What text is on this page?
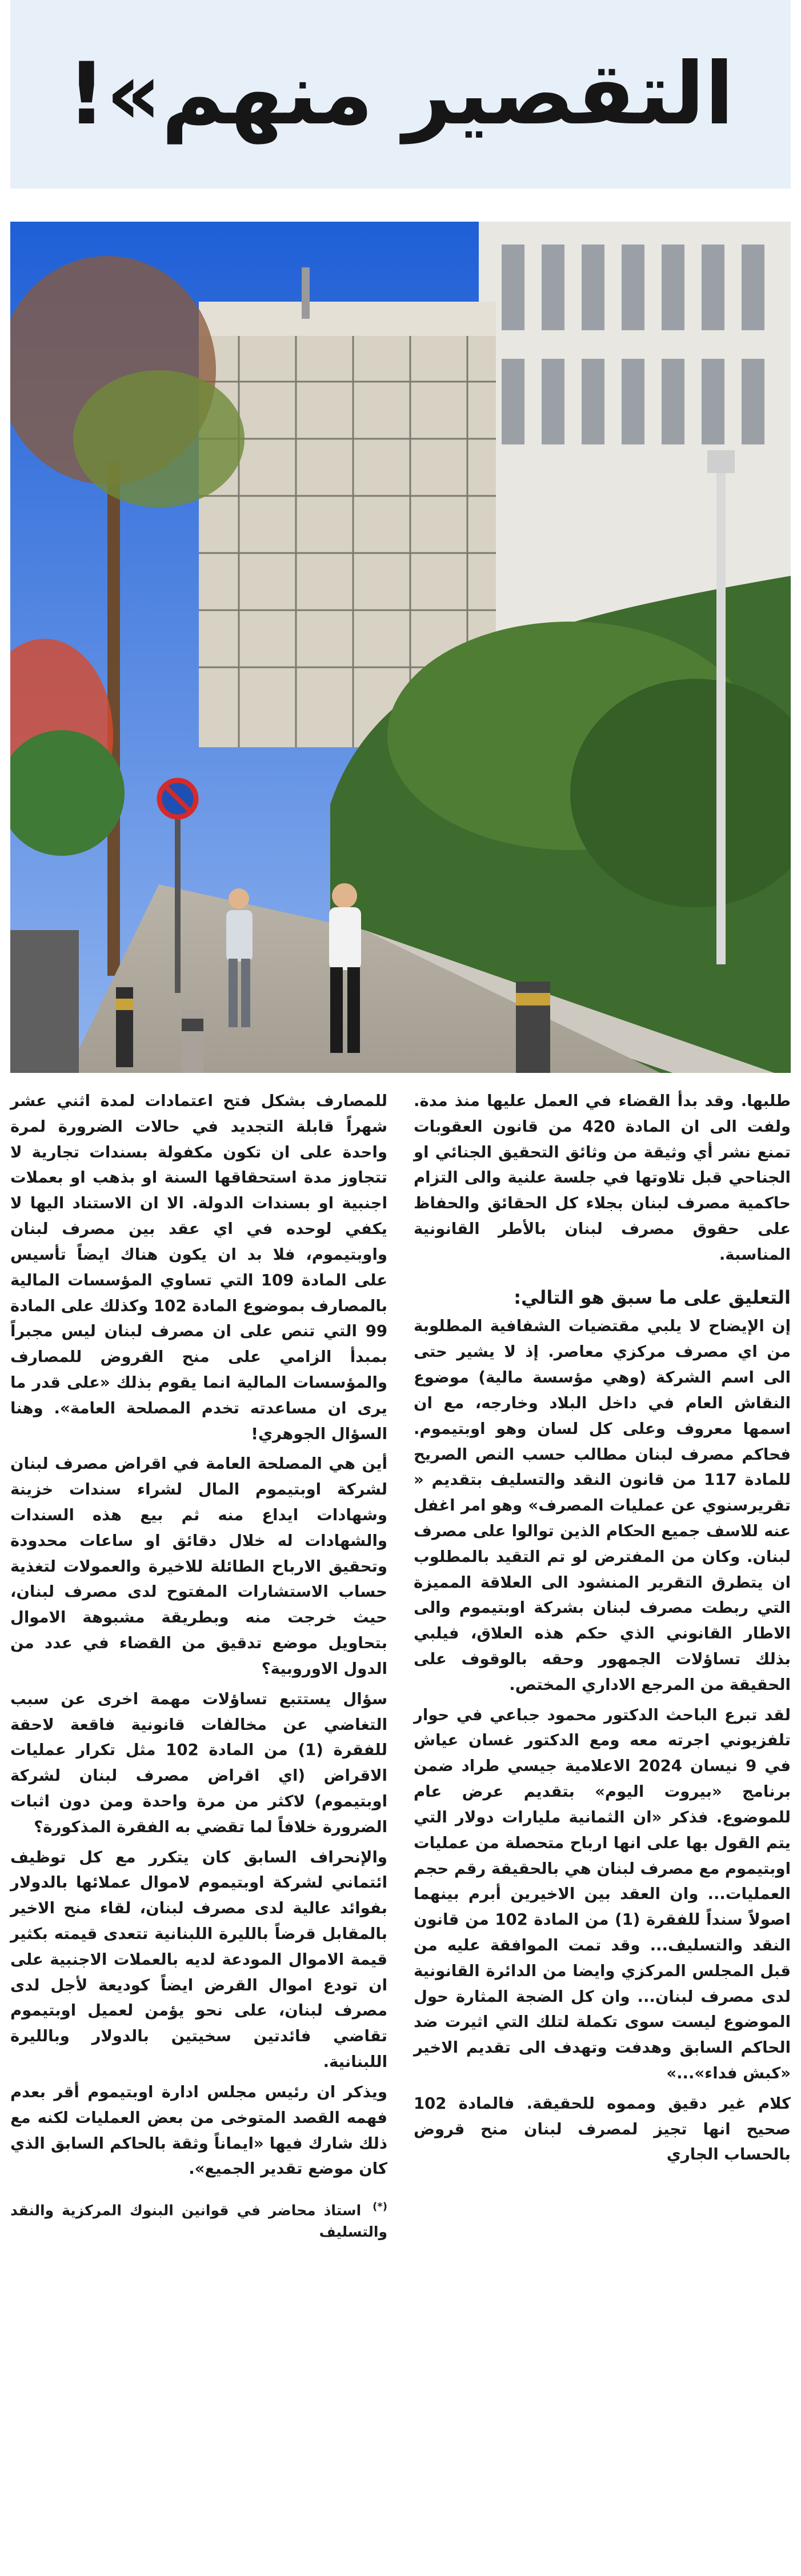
التقصير منهم»!

طلبها. وقد بدأ القضاء في العمل عليها منذ مدة. ولفت الى ان المادة 420 من قانون العقوبات تمنع نشر أي وثيقة من وثائق التحقيق الجنائي او الجناحي قبل تلاوتها في جلسة علنية والى التزام حاكمية مصرف لبنان بجلاء كل الحقائق والحفاظ على حقوق مصرف لبنان بالأطر القانونية المناسبة.

التعليق على ما سبق هو التالي:

إن الإيضاح لا يلبي مقتضيات الشفافية المطلوبة من اي مصرف مركزي معاصر. إذ لا يشير حتى الى اسم الشركة (وهي مؤسسة مالية) موضوع النقاش العام في داخل البلاد وخارجه، مع ان اسمها معروف وعلى كل لسان وهو اوبتيموم. فحاكم مصرف لبنان مطالب حسب النص الصريح للمادة 117 من قانون النقد والتسليف بتقديم « تقريرسنوي عن عمليات المصرف» وهو امر اغفل عنه للاسف جميع الحكام الذين توالوا على مصرف لبنان. وكان من المفترض لو تم التقيد بالمطلوب ان يتطرق التقرير المنشود الى العلاقة المميزة التي ربطت مصرف لبنان بشركة اوبتيموم والى الاطار القانوني الذي حكم هذه العلاق، فيلبي بذلك تساؤلات الجمهور وحقه بالوقوف على الحقيقة من المرجع الاداري المختص.

لقد تبرع الباحث الدكتور محمود جباعي في حوار تلفزيوني اجرته معه ومع الدكتور غسان عياش في 9 نيسان 2024 الاعلامية جيسي طراد ضمن برنامج «بيروت اليوم» بتقديم عرض عام للموضوع. فذكر «ان الثمانية مليارات دولار التي يتم القول بها على انها ارباح متحصلة من عمليات اوبتيموم مع مصرف لبنان هي بالحقيقة رقم حجم العمليات... وان العقد بين الاخيرين أبرم بينهما اصولاً سنداً للفقرة (1) من المادة 102 من قانون النقد والتسليف... وقد تمت الموافقة عليه من قبل المجلس المركزي وايضا من الدائرة القانونية لدى مصرف لبنان... وان كل الضجة المثارة حول الموضوع ليست سوى تكملة لتلك التي اثيرت ضد الحاكم السابق وهدفت وتهدف الى تقديم الاخير «كبش فداء»...»

كلام غير دقيق ومموه للحقيقة. فالمادة 102 صحيح انها تجيز لمصرف لبنان منح قروض بالحساب الجاري

للمصارف بشكل فتح اعتمادات لمدة اثني عشر شهراً قابلة التجديد في حالات الضرورة لمرة واحدة على ان تكون مكفولة بسندات تجارية لا تتجاوز مدة استحقاقها السنة او بذهب او بعملات اجنبية او بسندات الدولة. الا ان الاستناد اليها لا يكفي لوحده في اي عقد بين مصرف لبنان واوبتيموم، فلا بد ان يكون هناك ايضاً تأسيس على المادة 109 التي تساوي المؤسسات المالية بالمصارف بموضوع المادة 102 وكذلك على المادة 99 التي تنص على ان مصرف لبنان ليس مجبراً بمبدأ الزامي على منح القروض للمصارف والمؤسسات المالية انما يقوم بذلك «على قدر ما يرى ان مساعدته تخدم المصلحة العامة». وهنا السؤال الجوهري!

أين هي المصلحة العامة في اقراض مصرف لبنان لشركة اوبتيموم المال لشراء سندات خزينة وشهادات ايداع منه ثم بيع هذه السندات والشهادات له خلال دقائق او ساعات محدودة وتحقيق الارباح الطائلة للاخيرة والعمولات لتغذية حساب الاستشارات المفتوح لدى مصرف لبنان، حيث خرجت منه وبطريقة مشبوهة الاموال بتحاويل موضع تدقيق من القضاء في عدد من الدول الاوروبية؟

سؤال يستتبع تساؤلات مهمة اخرى عن سبب التغاضي عن مخالفات قانونية فاقعة لاحقة للفقرة (1) من المادة 102 مثل تكرار عمليات الاقراض (اي اقراض مصرف لبنان لشركة اوبتيموم) لاكثر من مرة واحدة ومن دون اثبات الضرورة خلافاً لما تقضي به الفقرة المذكورة؟

والإنحراف السابق كان يتكرر مع كل توظيف ائتماني لشركة اوبتيموم لاموال عملائها بالدولار بفوائد عالية لدى مصرف لبنان، لقاء منح الاخير بالمقابل قرضاً بالليرة اللبنانية تتعدى قيمته بكثير قيمة الاموال المودعة لديه بالعملات الاجنبية على ان تودع اموال القرض ايضاً كوديعة لأجل لدى مصرف لبنان، على نحو يؤمن لعميل اوبتيموم تقاضي فائدتين سخيتين بالدولار وبالليرة اللبنانية.

ويذكر ان رئيس مجلس ادارة اوبتيموم أقر بعدم فهمه القصد المتوخى من بعض العمليات لكنه مع ذلك شارك فيها «ايماناً وثقة بالحاكم السابق الذي كان موضع تقدير الجميع».

(*) استاذ محاضر في قوانين البنوك المركزية والنقد والتسليف
